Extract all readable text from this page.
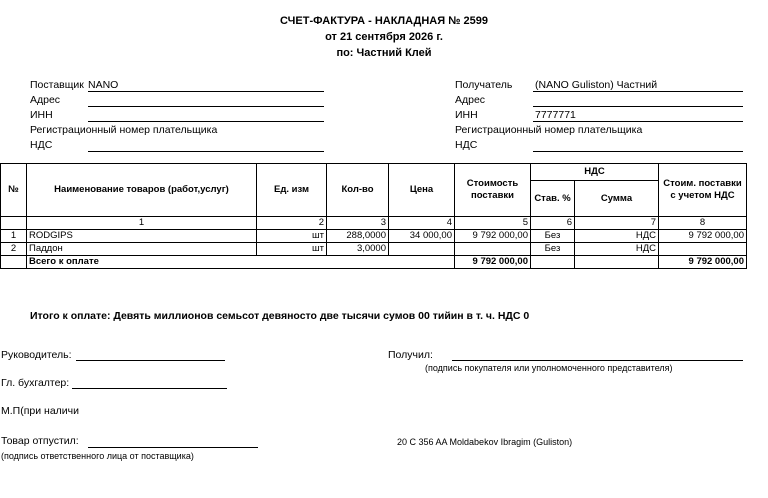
СЧЕТ-ФАКТУРА - НАКЛАДНАЯ № 2599
от 21 сентября 2026 г.
по: Частний Клей
Поставщик NANO
Адрес
ИНН
Регистрационный номер плательщика
НДС
Получатель (NANO Guliston) Частний
Адрес
ИНН	7777771
Регистрационный номер плательщика
НДС
№	Наименование товаров (работ,услуг)	Ед. изм	Кол-во	Цена	Стоимость поставки	НДС		Стоим. поставки с учетом НДС
						Став. %	Сумма	
	1	2	3	4	5	6	7	8
1	RODGIPS	шт	288,0000	34 000,00	9 792 000,00	Без	НДС	9 792 000,00
2	Паддон	шт	3,0000			Без	НДС	
	Всего к оплате				9 792 000,00			9 792 000,00
Итого к оплате: Девять миллионов семьсот девяносто две тысячи сумов 00 тийин в т. ч. НДС 0
Руководитель:
Гл. бухгалтер:
М.П(при наличи
Товар отпустил:
(подпись ответственного лица от поставщика)
Получил:
(подпись покупателя или уполномоченного представителя)
20 C 356 AA Moldabekov Ibragim (Guliston)
